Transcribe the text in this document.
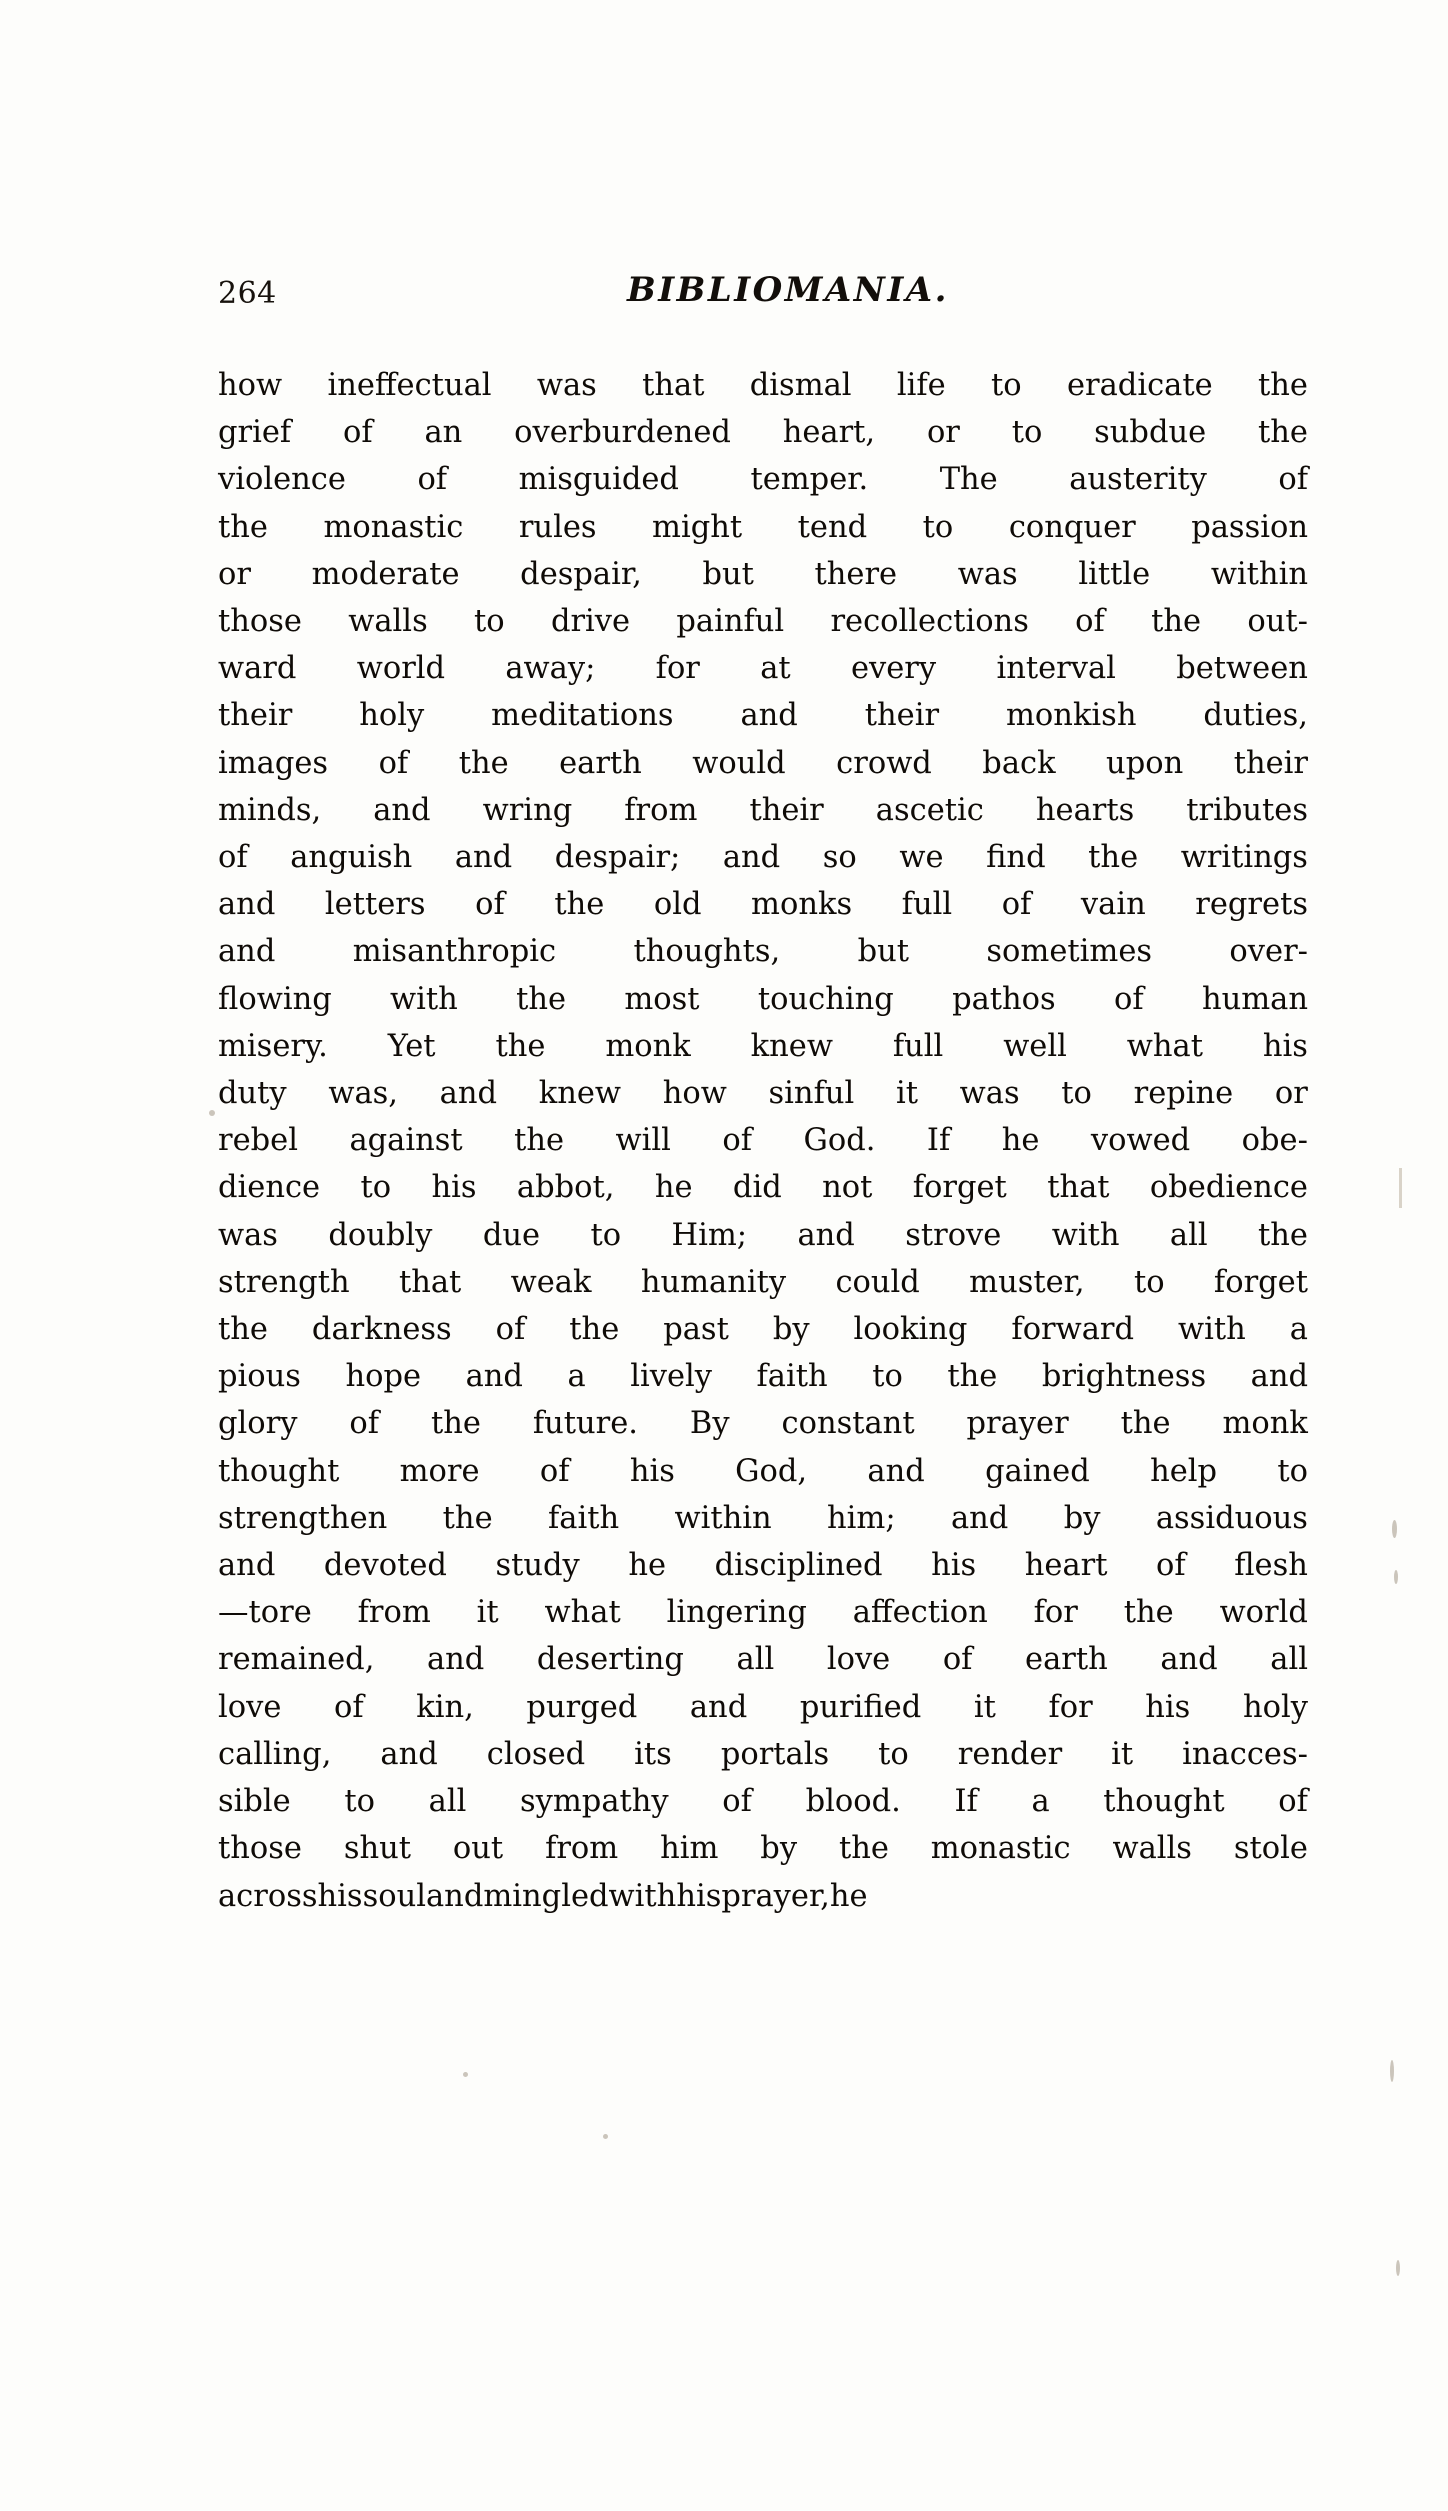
264	BIBLIOMANIA.
how ineffectual was that dismal life to eradicate the
grief of an overburdened heart, or to subdue the
violence of misguided temper. The austerity of
the monastic rules might tend to conquer passion
or moderate despair, but there was little within
those walls to drive painful recollections of the out-
ward world away; for at every interval between
their holy meditations and their monkish duties,
images of the earth would crowd back upon their
minds, and wring from their ascetic hearts tributes
of anguish and despair; and so we find the writings
and letters of the old monks full of vain regrets
and	misanthropic	thoughts,	but	sometimes	over-
flowing with the most touching pathos of human
misery. Yet the monk knew full well what his
duty was, and knew how sinful it was to repine or
rebel against the will of God. If he vowed obe-
dience to his abbot, he did not forget that obedience
was doubly due to Him; and strove with all the
strength that weak humanity could muster, to forget
the darkness of the past by looking forward with a
pious hope and a lively faith to the brightness and
glory of the future. By constant prayer the monk
thought more of his God, and gained help to
strengthen the faith within him; and by assiduous
and devoted study he disciplined his heart of flesh
—tore from it what lingering affection for the world
remained, and deserting all love of earth and all
love of kin, purged and purified it for his holy
calling, and closed its portals to render it inacces-
sible to all sympathy of blood. If a thought of
those shut out from him by the monastic walls stole
across his soul and mingled with his prayer, he
